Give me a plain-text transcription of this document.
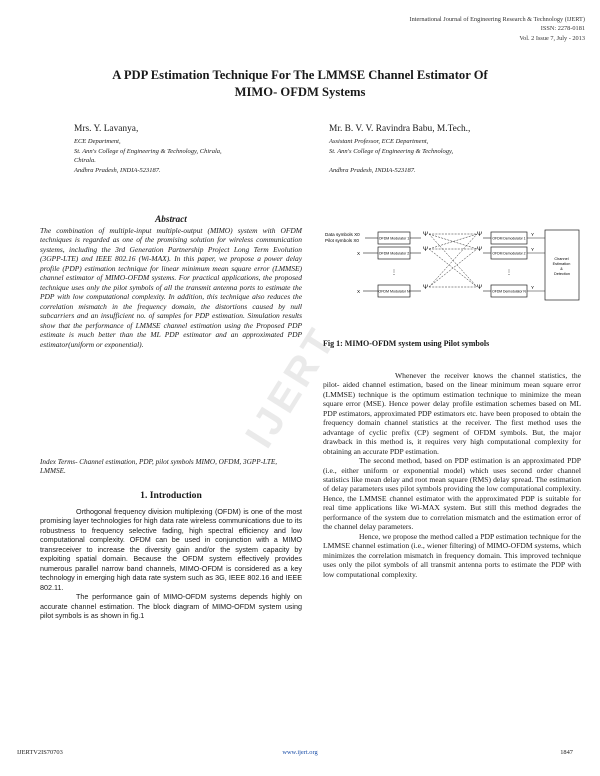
International Journal of Engineering Research & Technology (IJERT)
ISSN: 2278-0181
Vol. 2 Issue 7, July - 2013
A PDP Estimation Technique For The LMMSE Channel Estimator Of
MIMO- OFDM Systems
Mrs. Y. Lavanya,
ECE Department,
St. Ann's College of Engineering & Technology, Chirala,
Chirala.
Andhra Pradesh, INDIA-523187.
Mr. B. V. V. Ravindra Babu, M.Tech.,
Assistant Professor, ECE Department,
St. Ann's College of Engineering & Technology,
Andhra Pradesh, INDIA-523187.
Abstract
The combination of multiple-input multiple-output (MIMO) system with OFDM techniques is regarded as one of the promising solution for wireless communication systems, including the 3rd Generation Partnership Project Long Term Evolution (3GPP-LTE) and IEEE 802.16 (Wi-MAX). In this paper, we propose a power delay profile (PDP) estimation technique for linear minimum mean square error (LMMSE) channel estimator of MIMO-OFDM systems. For practical applications, the proposed technique uses only the pilot symbols of all the transmit antenna ports to estimate the PDP with low computational complexity. In addition, this technique also reduces the correlation mismatch in the frequency domain, the distortions caused by null subcarriers and an insufficient no. of samples for PDP estimation. Simulation results show that the performance of LMMSE channel estimation using the Proposed PDP estimate is much better than the ML PDP estimator and an approximated PDP estimator(uniform or exponential).
Index Terms- Channel estimation, PDP, pilot symbols MIMO, OFDM, 3GPP-LTE, LMMSE.
1. Introduction

Orthogonal frequency division multiplexing (OFDM) is one of the most promising layer technologies for high data rate wireless communications due to its robustness to frequency selective fading, high spectral efficiency and low computational complexity. OFDM can be used in conjunction with a MIMO transreceiver to increase the diversity gain and/or the system capacity by exploiting spatial domain. Because the OFDM system effectively provides numerous parallel narrow band channels, MIMO-OFDM is considered as a key technology in emerging high data rate system such as 3G, IEEE 802.16 and IEEE 802.11.

The performance gain of MIMO-OFDM systems depends highly on accurate channel estimation. The block diagram of MIMO-OFDM system using pilot symbols is as shown in fig.1

Data symbols X0
Pilot symbols X0
X
X
OFDM Modulator 1
OFDM Modulator 2
⋮
OFDM Modulator N
Ψ
Ψ
Ψ
Ψ
Ψ
Ψ
OFDM Demodulator 1
OFDM Demodulator 2
⋮
OFDM Demodulator N
Y
Y
Y
Channel Estimation & Detection
Fig 1: MIMO-OFDM system using Pilot symbols

Whenever the receiver knows the channel statistics, the pilot- aided channel estimation, based on the linear minimum mean square error (LMMSE) technique is the optimum estimation technique to minimize the mean square error (MSE). Hence power delay profile estimation schemes based on ML PDP estimators, approximated PDP estimators etc. have been proposed to obtain the frequency domain channel statistics at the receiver. The first method uses the advantage of cyclic prefix (CP) segment of OFDM symbols. But, the major drawback in this method is, it requires very high computational complexity for obtaining an accurate PDP estimation.

The second method, based on PDP estimation is an approximated PDP (i.e., either uniform or exponential model) which uses second order channel statistics like mean delay and root mean square (RMS) delay spread. The estimation of delay parameters uses pilot symbols providing the low computational complexity. Hence, the LMMSE channel estimator with the approximated PDP is suitable for real time applications like Wi-MAX system. But still this method degrades the performance of the system due to correlation mismatch and the estimation error of the channel delay parameters.

Hence, we propose the method called a PDP estimation technique for the LMMSE channel estimation (i.e., wiener filtering) of MIMO-OFDM systems, which minimizes the correlation mismatch in frequency domain. This improved technique uses only the pilot symbols of all transmit antenna ports to estimate the PDP with low computational complexity.

IJERT
IJERTV2IS70703	www.ijert.org	1847
